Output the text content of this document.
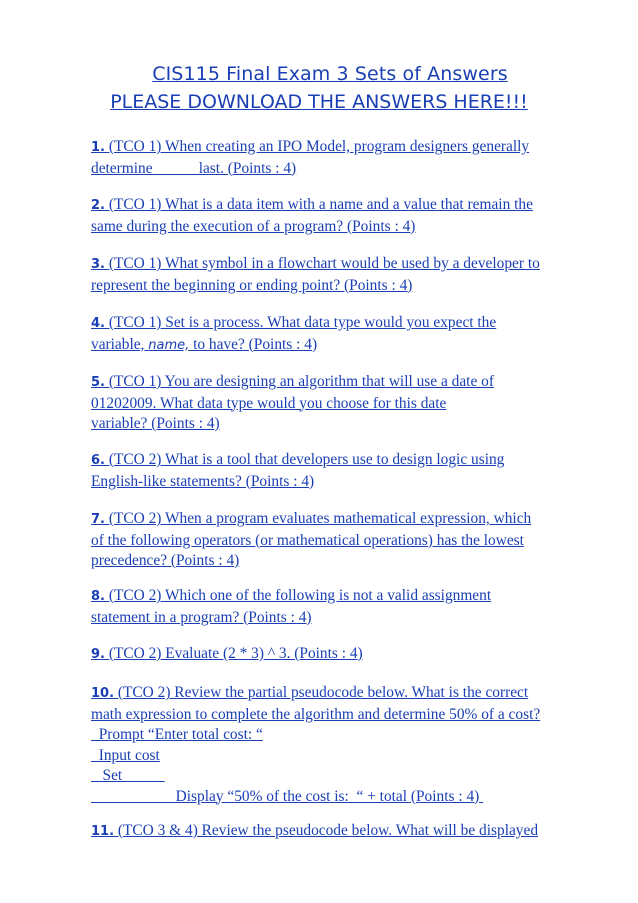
CIS115 Final Exam 3 Sets of Answers
PLEASE DOWNLOAD THE ANSWERS HERE!!!
1. (TCO 1) When creating an IPO Model, program designers generally
determine _____ last. (Points : 4)
2. (TCO 1) What is a data item with a name and a value that remain the
same during the execution of a program? (Points : 4)
3. (TCO 1) What symbol in a flowchart would be used by a developer to
represent the beginning or ending point? (Points : 4)
4. (TCO 1) Set is a process. What data type would you expect the
variable, name, to have? (Points : 4)
5. (TCO 1) You are designing an algorithm that will use a date of
01202009. What data type would you choose for this date
variable? (Points : 4)
6. (TCO 2) What is a tool that developers use to design logic using
English-like statements? (Points : 4)
7. (TCO 2) When a program evaluates mathematical expression, which
of the following operators (or mathematical operations) has the lowest
precedence? (Points : 4)
8. (TCO 2) Which one of the following is not a valid assignment
statement in a program? (Points : 4)
9. (TCO 2) Evaluate (2 * 3) ^ 3. (Points : 4)
10. (TCO 2) Review the partial pseudocode below. What is the correct
math expression to complete the algorithm and determine 50% of a cost?
Prompt “Enter total cost: “
Input cost
Set _____
Display “50% of the cost is:  “ + total (Points : 4)
11. (TCO 3 & 4) Review the pseudocode below. What will be displayed
